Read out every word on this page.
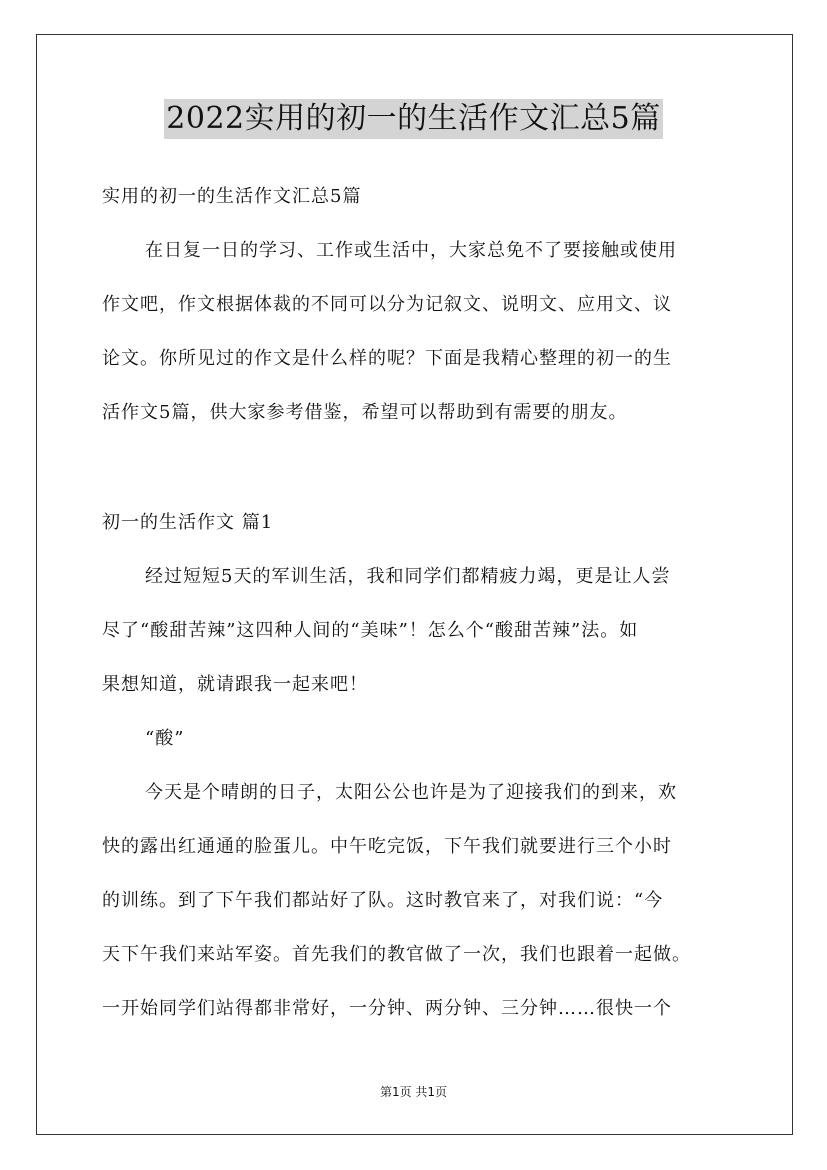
2022实用的初一的生活作文汇总5篇
实用的初一的生活作文汇总5篇
在日复一日的学习、工作或生活中，大家总免不了要接触或使用
作文吧，作文根据体裁的不同可以分为记叙文、说明文、应用文、议
论文。你所见过的作文是什么样的呢？下面是我精心整理的初一的生
活作文5篇，供大家参考借鉴，希望可以帮助到有需要的朋友。
初一的生活作文 篇1
经过短短5天的军训生活，我和同学们都精疲力竭，更是让人尝
尽了“酸甜苦辣”这四种人间的“美味”！怎么个“酸甜苦辣”法。如
果想知道，就请跟我一起来吧！
“酸”
今天是个晴朗的日子，太阳公公也许是为了迎接我们的到来，欢
快的露出红通通的脸蛋儿。中午吃完饭，下午我们就要进行三个小时
的训练。到了下午我们都站好了队。这时教官来了，对我们说：“今
天下午我们来站军姿。首先我们的教官做了一次，我们也跟着一起做。
一开始同学们站得都非常好，一分钟、两分钟、三分钟……很快一个
第1页 共1页
